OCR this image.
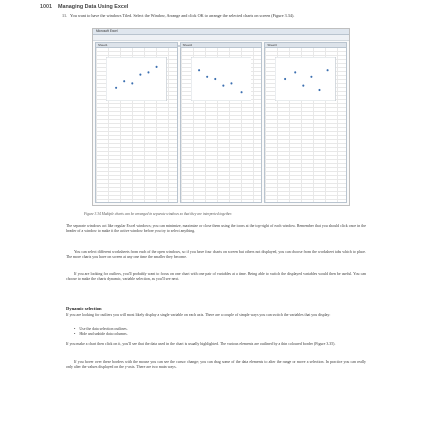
1001 Managing Data Using Excel
11. You want to have the windows Tiled. Select the Window, Arrange and click OK to arrange the selected charts on screen (Figure 3.34).
Microsoft Excel
Sheet1	Sheet2	Sheet3
Figure 3.34 Multiple charts can be arranged in separate windows so that they are interpreted together.
The separate windows act like regular Excel windows; you can minimize, maximize or close them using the icons at the top-right of each window. Remember that you should click once in the header of a window to make it the active window before you try to select anything.
You can select different worksheets from each of the open windows, so if you have four charts on screen but others not displayed, you can choose from the worksheet tabs which to place. The more charts you have on screen at any one time the smaller they become.
If you are looking for outliers, you'll probably want to focus on one chart with one pair of variables at a time. Being able to switch the displayed variables would then be useful. You can choose to make the charts dynamic, variable selection, as you'll see next.
Dynamic selection
If you are looking for outliers you will most likely display a single variable on each axis. There are a couple of simple ways you can switch the variables that you display:
• Use the data selection outlines.
• Hide and unhide data columns.
If you make a chart then click on it, you'll see that the data used in the chart is usually highlighted. The various elements are outlined by a thin coloured border (Figure 3.35).
If you hover over these borders with the mouse you can see the cursor change; you can drag some of the data elements to alter the range or move a selection. In practice you can really only alter the values displayed on the y-axis. There are two main ways.
